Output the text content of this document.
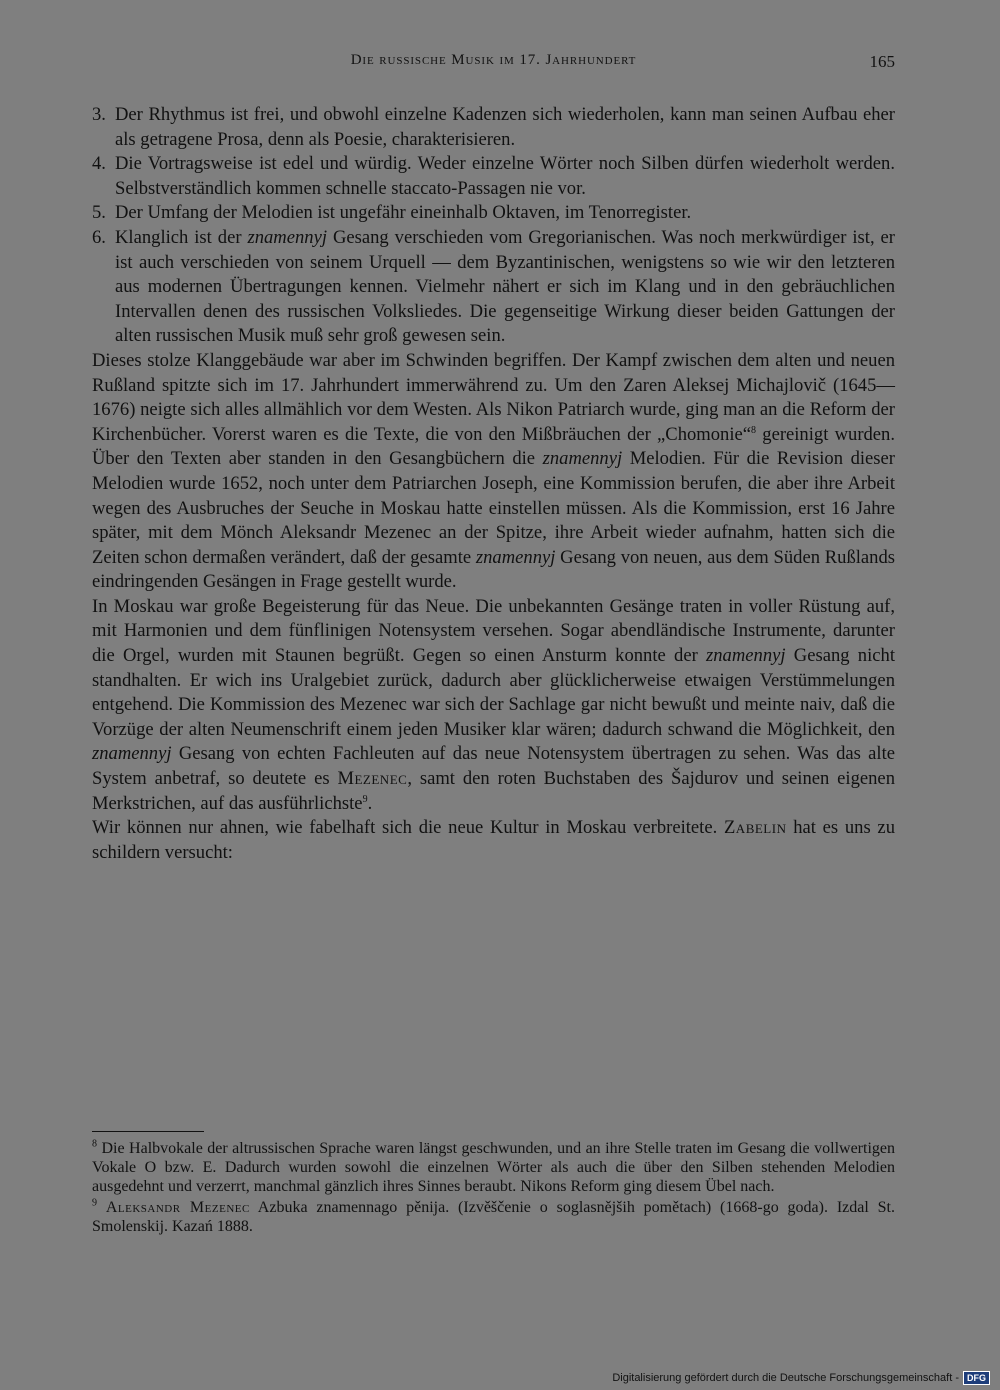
Die russische Musik im 17. Jahrhundert	165
3. Der Rhythmus ist frei, und obwohl einzelne Kadenzen sich wiederholen, kann man seinen Aufbau eher als getragene Prosa, denn als Poesie, charakterisieren.
4. Die Vortragsweise ist edel und würdig. Weder einzelne Wörter noch Silben dürfen wiederholt werden. Selbstverständlich kommen schnelle staccato-Passagen nie vor.
5. Der Umfang der Melodien ist ungefähr eineinhalb Oktaven, im Tenorregister.
6. Klanglich ist der znamennyj Gesang verschieden vom Gregorianischen. Was noch merkwürdiger ist, er ist auch verschieden von seinem Urquell — dem Byzantinischen, wenigstens so wie wir den letzteren aus modernen Übertragungen kennen. Vielmehr nähert er sich im Klang und in den gebräuchlichen Intervallen denen des russischen Volksliedes. Die gegenseitige Wirkung dieser beiden Gattungen der alten russischen Musik muß sehr groß gewesen sein.

Dieses stolze Klanggebäude war aber im Schwinden begriffen. Der Kampf zwischen dem alten und neuen Rußland spitzte sich im 17. Jahrhundert immerwährend zu. Um den Zaren Aleksej Michajlovič (1645—1676) neigte sich alles allmählich vor dem Westen. Als Nikon Patriarch wurde, ging man an die Reform der Kirchenbücher. Vorerst waren es die Texte, die von den Mißbräuchen der „Chomonie“$^8$ gereinigt wurden. Über den Texten aber standen in den Gesangbüchern die znamennyj Melodien. Für die Revision dieser Melodien wurde 1652, noch unter dem Patriarchen Joseph, eine Kommission berufen, die aber ihre Arbeit wegen des Ausbruches der Seuche in Moskau hatte einstellen müssen. Als die Kommission, erst 16 Jahre später, mit dem Mönch Aleksandr Mezenec an der Spitze, ihre Arbeit wieder aufnahm, hatten sich die Zeiten schon dermaßen verändert, daß der gesamte znamennyj Gesang von neuen, aus dem Süden Rußlands eindringenden Gesängen in Frage gestellt wurde.

In Moskau war große Begeisterung für das Neue. Die unbekannten Gesänge traten in voller Rüstung auf, mit Harmonien und dem fünflinigen Notensystem versehen. Sogar abendländische Instrumente, darunter die Orgel, wurden mit Staunen begrüßt. Gegen so einen Ansturm konnte der znamennyj Gesang nicht standhalten. Er wich ins Uralgebiet zurück, dadurch aber glücklicherweise etwaigen Verstümmelungen entgehend. Die Kommission des Mezenec war sich der Sachlage gar nicht bewußt und meinte naiv, daß die Vorzüge der alten Neumenschrift einem jeden Musiker klar wären; dadurch schwand die Möglichkeit, den znamennyj Gesang von echten Fachleuten auf das neue Notensystem übertragen zu sehen. Was das alte System anbetraf, so deutete es Mezenec, samt den roten Buchstaben des Šajdurov und seinen eigenen Merkstrichen, auf das ausführlichste$^9$.

Wir können nur ahnen, wie fabelhaft sich die neue Kultur in Moskau verbreitete. Zabelin hat es uns zu schildern versucht:

$^8$ Die Halbvokale der altrussischen Sprache waren längst geschwunden, und an ihre Stelle traten im Gesang die vollwertigen Vokale O bzw. E. Dadurch wurden sowohl die einzelnen Wörter als auch die über den Silben stehenden Melodien ausgedehnt und verzerrt, manchmal gänzlich ihres Sinnes beraubt. Nikons Reform ging diesem Übel nach.

$^9$ Aleksandr Mezenec Azbuka znamennago pěnija. (Izvěščenie o soglasnějših pomětach) (1668-go goda). Izdal St. Smolenskij. Kazań 1888.

Digitalisierung gefördert durch die Deutsche Forschungsgemeinschaft - DFG
